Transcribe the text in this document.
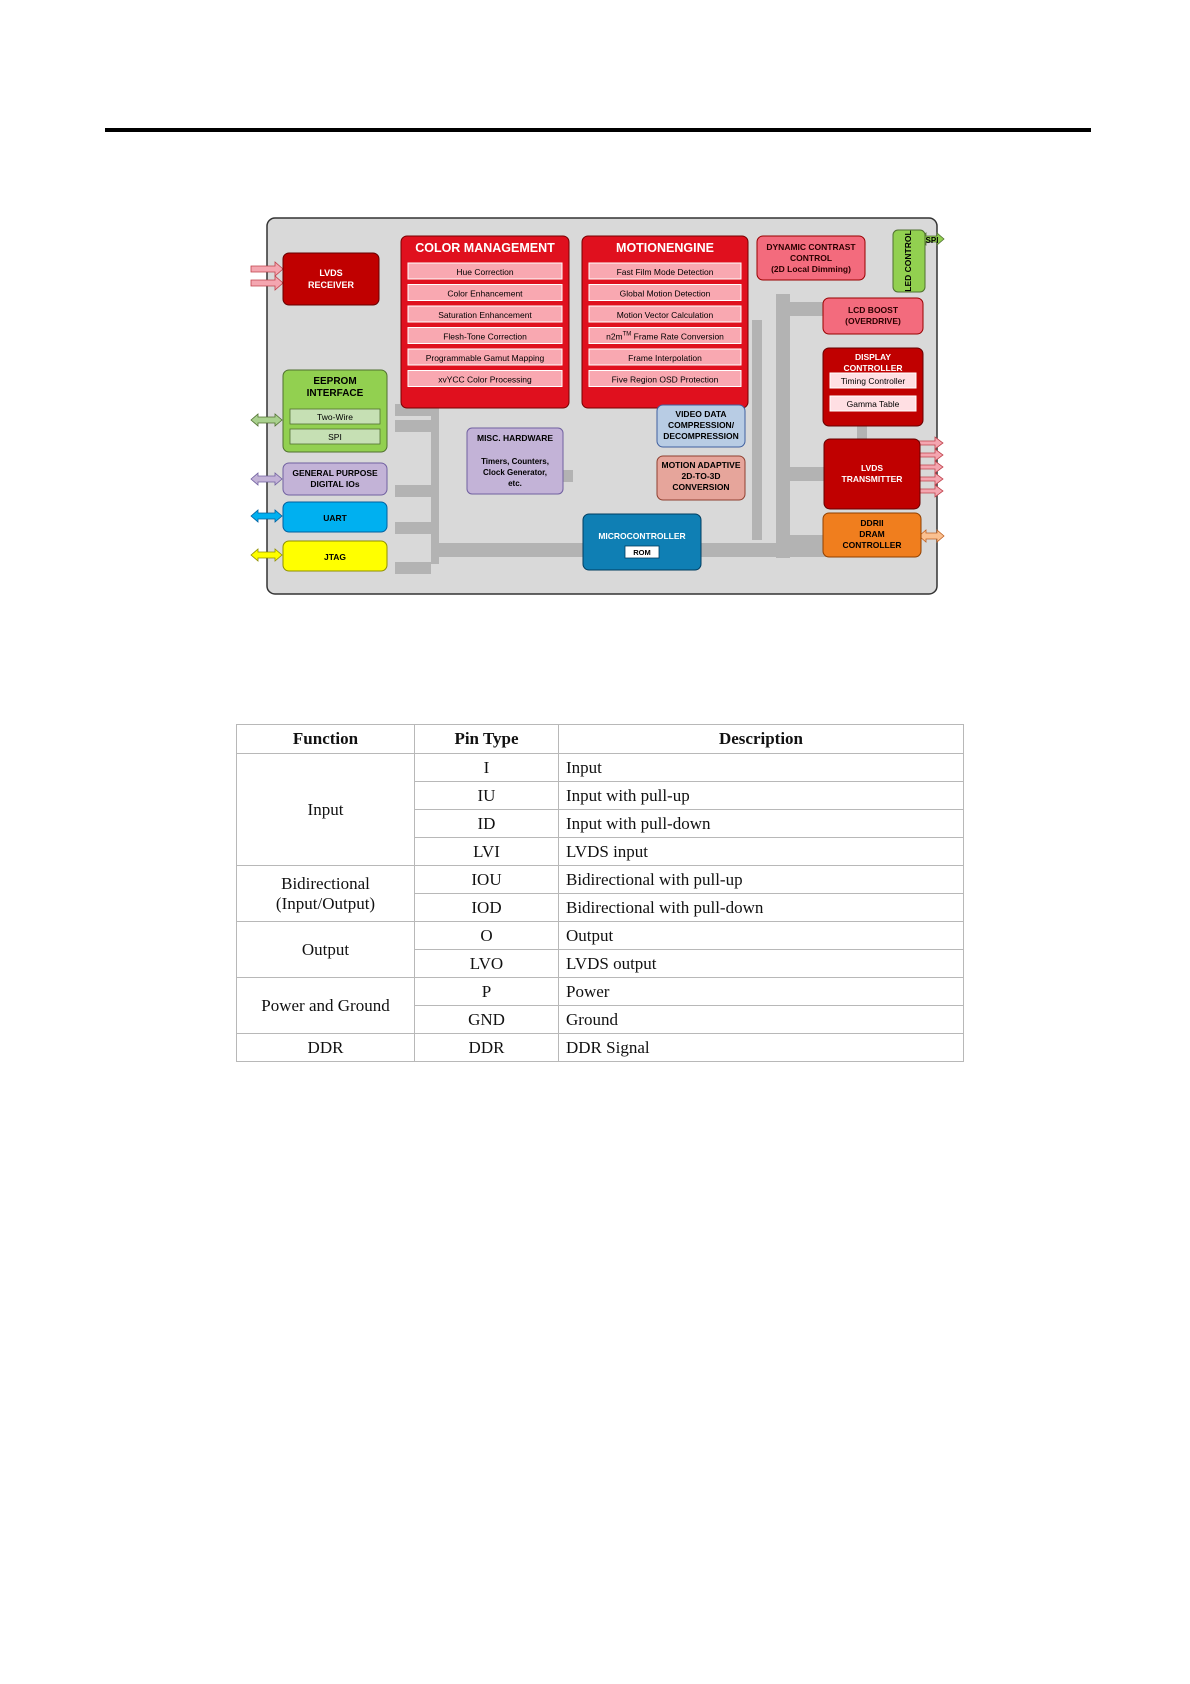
LVDS RECEIVER
COLOR MANAGEMENT
Hue Correction
Color Enhancement
Saturation Enhancement
Flesh-Tone Correction
Programmable Gamut Mapping
xvYCC Color Processing
MOTIONENGINE
Fast Film Mode Detection
Global Motion Detection
Motion Vector Calculation
n2m™ Frame Rate Conversion
Frame Interpolation
Five Region OSD Protection
DYNAMIC CONTRAST CONTROL (2D Local Dimming)	LED CONTROL SPI
LCD BOOST (OVERDRIVE)
DISPLAY CONTROLLER
Timing Controller
Gamma Table
EEPROM INTERFACE
Two-Wire
SPI	MISC. HARDWARE
Timers, Counters, Clock Generator, etc.
VIDEO DATA COMPRESSION/ DECOMPRESSION
MOTION ADAPTIVE 2D-TO-3D CONVERSION
GENERAL PURPOSE DIGITAL IOs
UART
JTAG
MICROCONTROLLER
ROM
LVDS TRANSMITTER
DDRII DRAM CONTROLLER
Function	Pin Type	Description
Input	I	Input
	IU	Input with pull-up
	ID	Input with pull-down
	LVI	LVDS input
Bidirectional
(Input/Output)	IOU	Bidirectional with pull-up
	IOD	Bidirectional with pull-down
Output	O	Output
	LVO	LVDS output
Power and Ground	P	Power
	GND	Ground
DDR	DDR	DDR Signal
